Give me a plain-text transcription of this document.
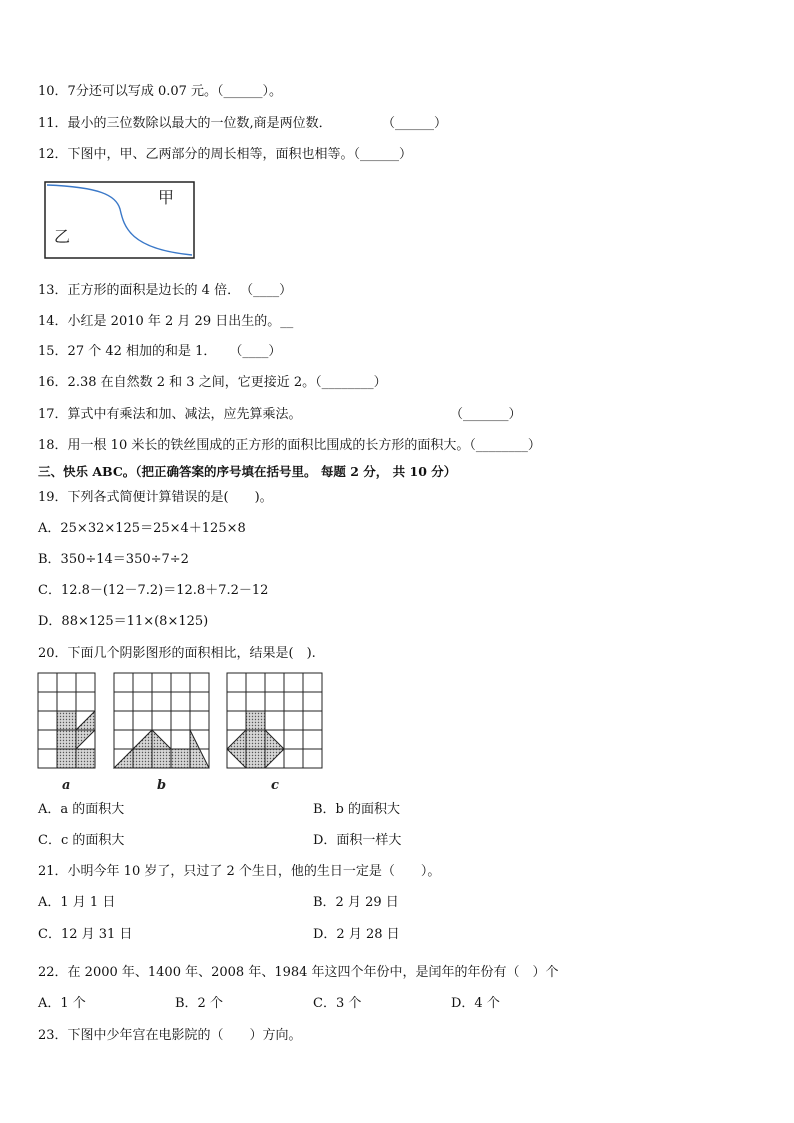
10．7分还可以写成 0.07 元。（______）。
11．最小的三位数除以最大的一位数,商是两位数．	（______）
12．下图中，甲、乙两部分的周长相等，面积也相等。（______）
甲
乙
13．正方形的面积是边长的 4 倍．　（____）
14．小红是 2010 年 2 月 29 日出生的。__
15．27 个 42 相加的和是 1．　　（____）
16．2.38 在自然数 2 和 3 之间，它更接近 2。（________）
17．算式中有乘法和加、减法，应先算乘法。	（_______）
18．用一根 10 米长的铁丝围成的正方形的面积比围成的长方形的面积大。（________）
三、快乐 ABC。（把正确答案的序号填在括号里。 每题 2 分， 共 10 分）
19．下列各式简便计算错误的是(　　)。
A．25×32×125＝25×4＋125×8
B．350÷14＝350÷7÷2
C．12.8－(12－7.2)＝12.8＋7.2－12
D．88×125＝11×(8×125)
20．下面几个阴影图形的面积相比，结果是(　).
a	b	c
A．a 的面积大	B．b 的面积大
C．c 的面积大	D．面积一样大
21．小明今年 10 岁了，只过了 2 个生日，他的生日一定是（　　）。
A．1 月 1 日	B．2 月 29 日
C．12 月 31 日	D．2 月 28 日
22．在 2000 年、1400 年、2008 年、1984 年这四个年份中，是闰年的年份有（　）个
A．1 个	B．2 个	C．3 个	D．4 个
23．下图中少年宫在电影院的（　　）方向。
